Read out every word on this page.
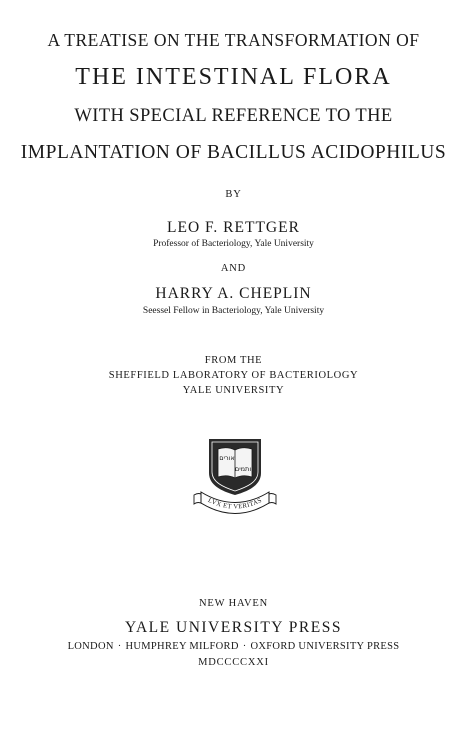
A TREATISE ON THE TRANSFORMATION OF
THE INTESTINAL FLORA
WITH SPECIAL REFERENCE TO THE
IMPLANTATION OF BACILLUS ACIDOPHILUS
BY
LEO F. RETTGER
Professor of Bacteriology, Yale University
AND
HARRY A. CHEPLIN
Seessel Fellow in Bacteriology, Yale University
FROM THE
SHEFFIELD LABORATORY OF BACTERIOLOGY
YALE UNIVERSITY
אורים
ותמים
LVX ET VERITAS
NEW HAVEN
YALE UNIVERSITY PRESS
LONDON · HUMPHREY MILFORD · OXFORD UNIVERSITY PRESS
MDCCCCXXI
